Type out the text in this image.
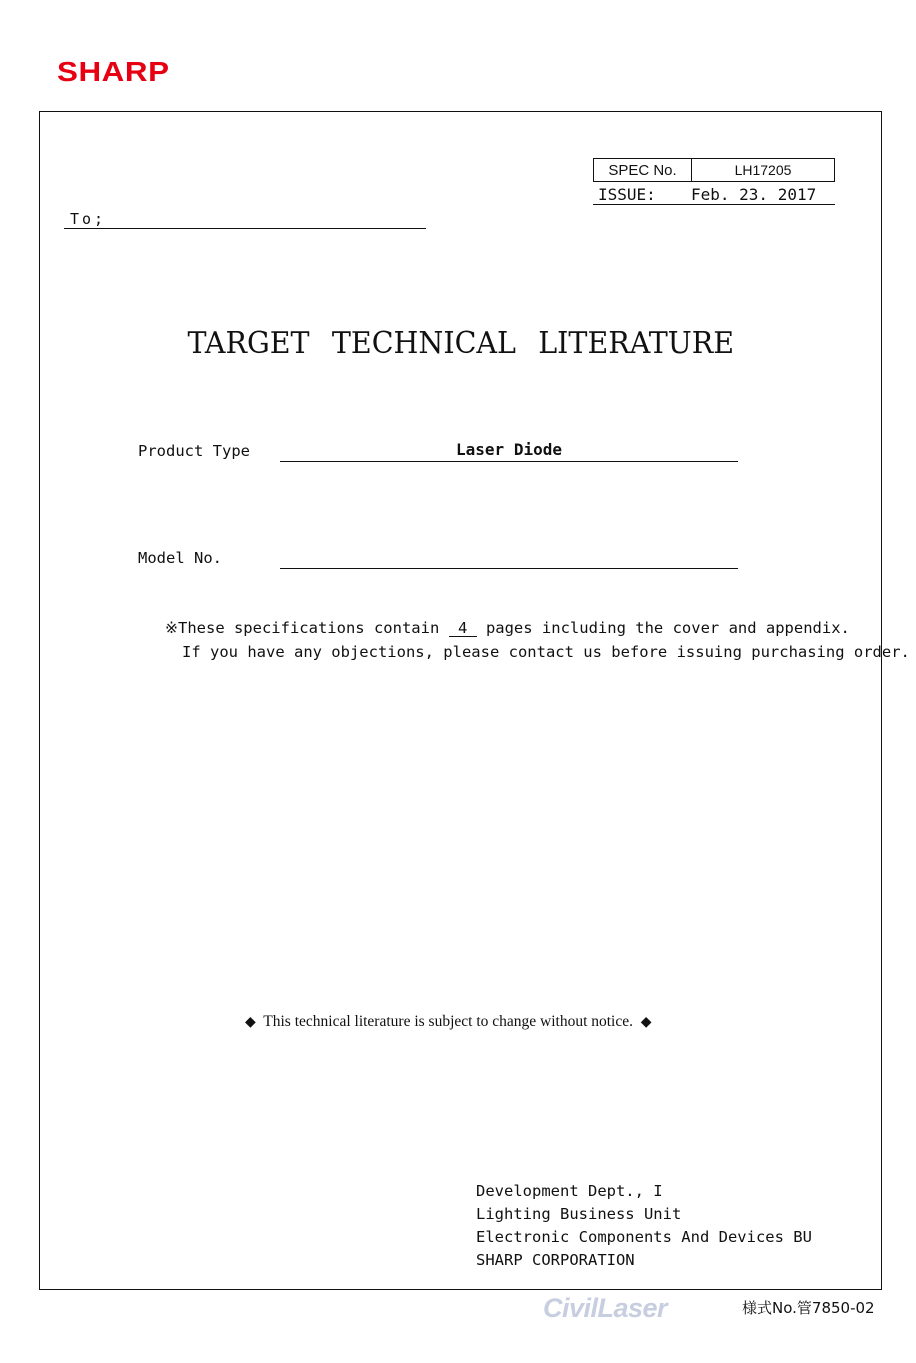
SHARP
SPEC No.	LH17205
ISSUE: Feb. 23. 2017
To;
TARGET TECHNICAL LITERATURE
Product Type	Laser Diode
Model No.
※These specifications contain 4 pages including the cover and appendix.
If you have any objections, please contact us before issuing purchasing order.
◆ This technical literature is subject to change without notice. ◆
Development Dept., I
Lighting Business Unit
Electronic Components And Devices BU
SHARP CORPORATION
CivilLaser	様式No.管7850-02
